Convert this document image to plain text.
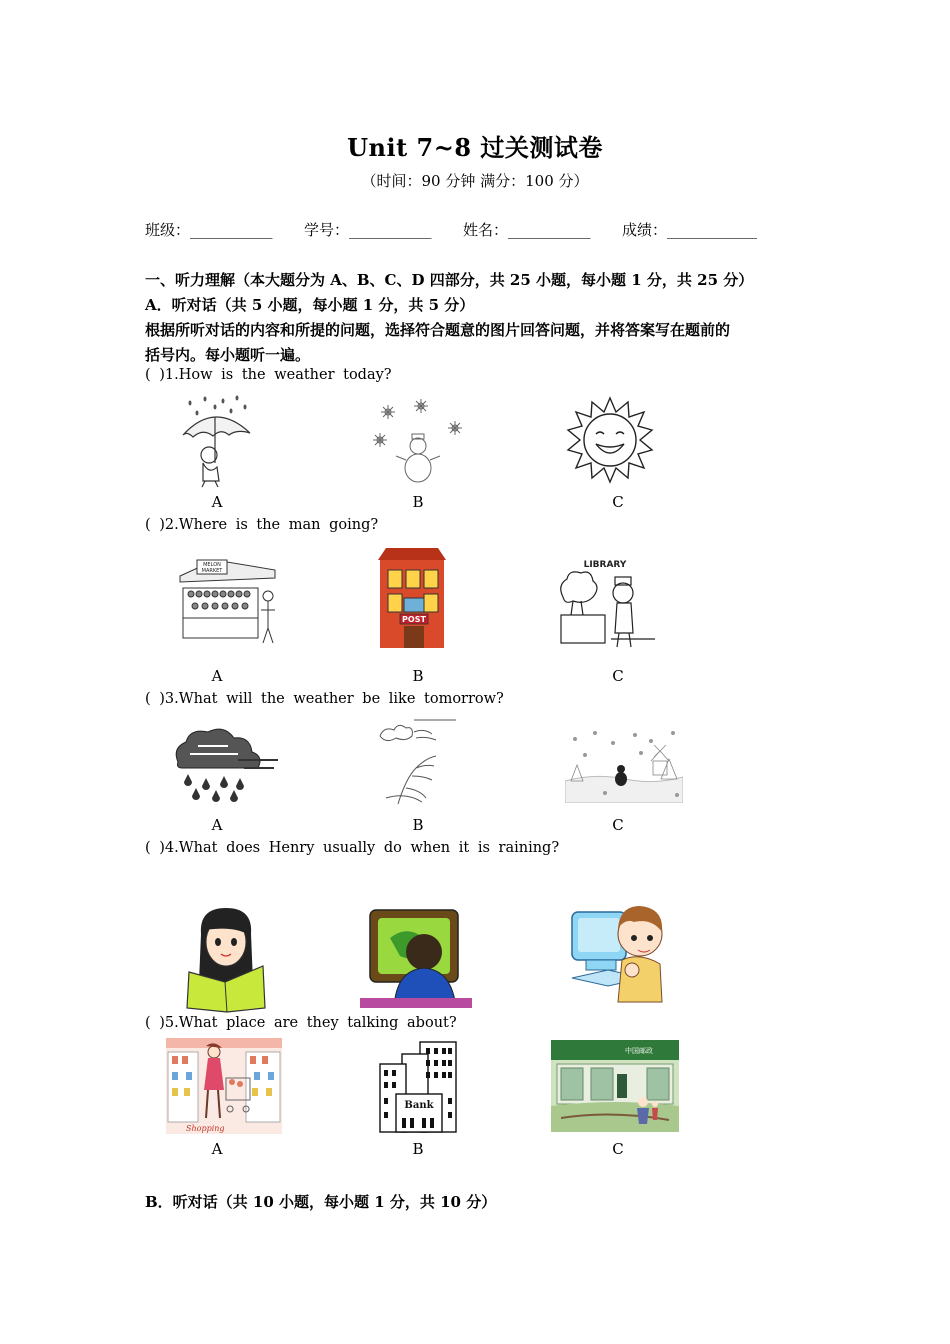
Unit 7~8 过关测试卷
（时间：90 分钟 满分：100 分）
班级：___________ 学号：___________ 姓名：___________ 成绩：____________
一、听力理解（本大题分为 A、B、C、D 四部分，共 25 小题，每小题 1 分，共 25 分）
A．听对话（共 5 小题，每小题 1 分，共 5 分）
根据所听对话的内容和所提的问题，选择符合题意的图片回答问题，并将答案写在题前的
括号内。每小题听一遍。
( )1.How is the weather today?
A	B	C
( )2.Where is the man going?
MELON
MARKET
POST
LIBRARY
A	B	C
( )3.What will the weather be like tomorrow?
A	B	C
( )4.What does Henry usually do when it is raining?
( )5.What place are they talking about?
Shopping
Bank
中国邮政
A	B	C
B．听对话（共 10 小题，每小题 1 分，共 10 分）
